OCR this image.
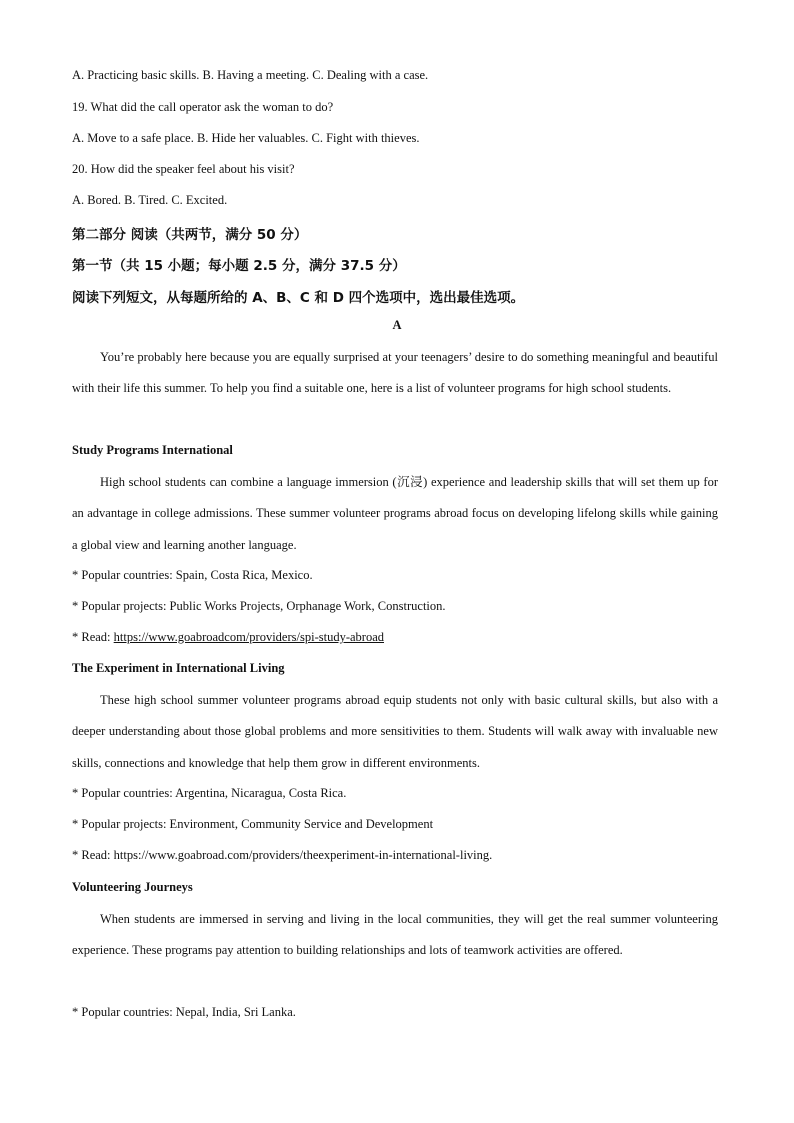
A. Practicing basic skills. B. Having a meeting. C. Dealing with a case.
19. What did the call operator ask the woman to do?
A. Move to a safe place. B. Hide her valuables. C. Fight with thieves.
20. How did the speaker feel about his visit?
A. Bored. B. Tired. C. Excited.
第二部分 阅读（共两节，满分 50 分）
第一节（共 15 小题；每小题 2.5 分，满分 37.5 分）
阅读下列短文，从每题所给的 A、B、C 和 D 四个选项中，选出最佳选项。
A

You’re probably here because you are equally surprised at your teenagers’ desire to do something meaningful and beautiful with their life this summer. To help you find a suitable one, here is a list of volunteer programs for high school students.

Study Programs International

High school students can combine a language immersion (沉浸) experience and leadership skills that will set them up for an advantage in college admissions. These summer volunteer programs abroad focus on developing lifelong skills while gaining a global view and learning another language.

* Popular countries: Spain, Costa Rica, Mexico.
* Popular projects: Public Works Projects, Orphanage Work, Construction.
* Read: https://www.goabroadcom/providers/spi-study-abroad
The Experiment in International Living

These high school summer volunteer programs abroad equip students not only with basic cultural skills, but also with a deeper understanding about those global problems and more sensitivities to them. Students will walk away with invaluable new skills, connections and knowledge that help them grow in different environments.

* Popular countries: Argentina, Nicaragua, Costa Rica.
* Popular projects: Environment, Community Service and Development
* Read: https://www.goabroad.com/providers/theexperiment-in-international-living.
Volunteering Journeys

When students are immersed in serving and living in the local communities, they will get the real summer volunteering experience. These programs pay attention to building relationships and lots of teamwork activities are offered.

* Popular countries: Nepal, India, Sri Lanka.
